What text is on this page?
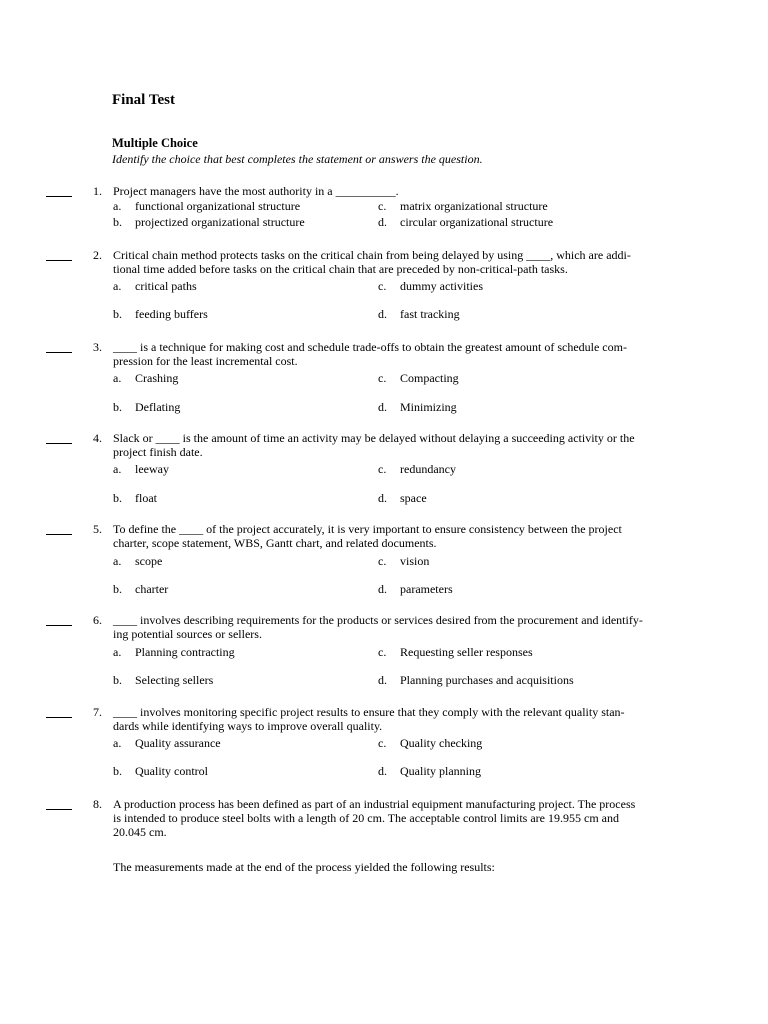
Final Test
Multiple Choice
Identify the choice that best completes the statement or answers the question.
1. Project managers have the most authority in a __________.
a. functional organizational structure	c. matrix organizational structure
b. projectized organizational structure	d. circular organizational structure
2. Critical chain method protects tasks on the critical chain from being delayed by using ____, which are addi-
tional time added before tasks on the critical chain that are preceded by non-critical-path tasks.
a. critical paths	c. dummy activities
b. feeding buffers	d. fast tracking
3. ____ is a technique for making cost and schedule trade-offs to obtain the greatest amount of schedule com-
pression for the least incremental cost.
a. Crashing	c. Compacting
b. Deflating	d. Minimizing
4. Slack or ____ is the amount of time an activity may be delayed without delaying a succeeding activity or the
project finish date.
a. leeway	c. redundancy
b. float	d. space
5. To define the ____ of the project accurately, it is very important to ensure consistency between the project
charter, scope statement, WBS, Gantt chart, and related documents.
a. scope	c. vision
b. charter	d. parameters
6. ____ involves describing requirements for the products or services desired from the procurement and identify-
ing potential sources or sellers.
a. Planning contracting	c. Requesting seller responses
b. Selecting sellers	d. Planning purchases and acquisitions
7. ____ involves monitoring specific project results to ensure that they comply with the relevant quality stan-
dards while identifying ways to improve overall quality.
a. Quality assurance	c. Quality checking
b. Quality control	d. Quality planning
8. A production process has been defined as part of an industrial equipment manufacturing project. The process
is intended to produce steel bolts with a length of 20 cm. The acceptable control limits are 19.955 cm and
20.045 cm.
The measurements made at the end of the process yielded the following results:
